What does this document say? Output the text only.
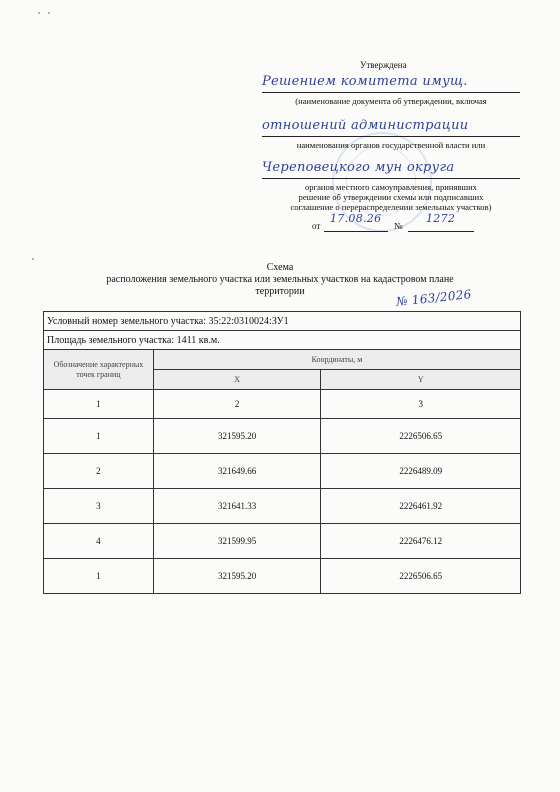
Утверждена
Решением комитета имущ.
(наименование документа об утверждении, включая
отношений администрации
наименования органов государственной власти или
Череповецкого мун округа
органов местного самоуправления, принявших
решение об утверждении схемы или подписавших
соглашение о перераспределении земельных участков)
от
17.08.26
№
1272
Схема
расположения земельного участка или земельных участков на кадастровом плане
территории	№ 163/2026
Условный номер земельного участка: 35:22:0310024:ЗУ1		
Площадь земельного участка: 1411 кв.м.		
Обозначение характерных точек границ	Координаты, м	
	X	Y
1	2	3
1	321595.20	2226506.65
2	321649.66	2226489.09
3	321641.33	2226461.92
4	321599.95	2226476.12
1	321595.20	2226506.65
